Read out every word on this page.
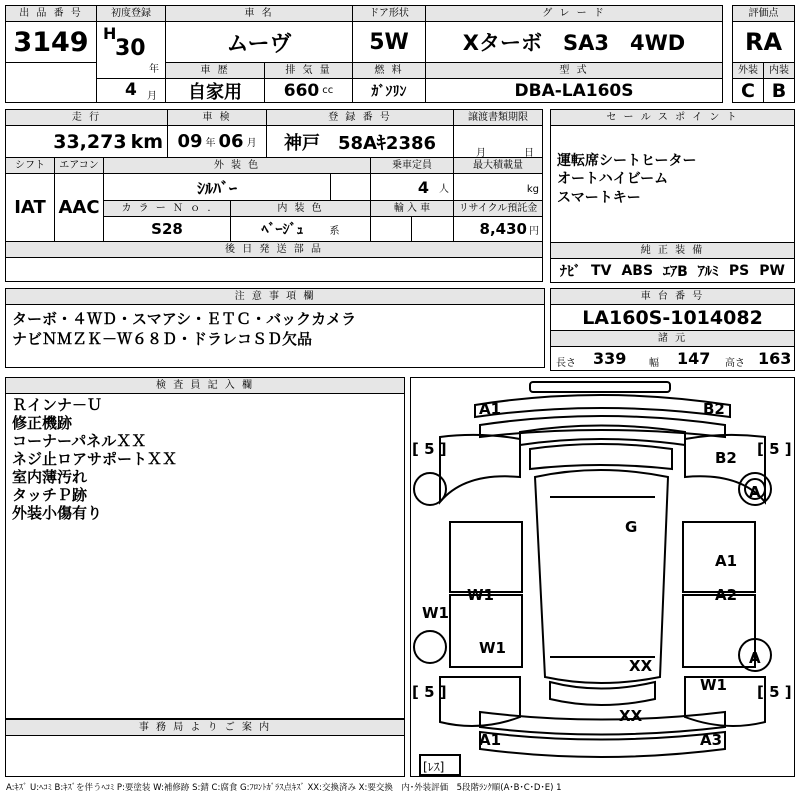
出 品 番 号
3149
初度登録
H
30
年
4 月
車 名
ムーヴ
ドア形状
5W
グ レ ー ド
Xターボ　SA3　4WD
評価点
RA
車 歴
自家用
排 気 量
660 cc
燃 料
ｶﾞｿﾘﾝ
型 式
DBA-LA160S
外装
C
内装
B
走 行
33,273 km
車 検
09 年 06 月
登 録 番 号
神戸　58Aｷ2386
譲渡書類期限
月	日
シフト
IAT
エアコン
AAC
外 装 色
ｼﾙﾊﾞｰ
乗車定員
4 人
最大積載量
kg
カ ラ ー Ｎ ｏ .
S28
内 装 色
ﾍﾞｰｼﾞｭ	系
輸 入 車	リサイクル預託金
8,430 円
後 日 発 送 部 品
セ ー ル ス ポ イ ン ト
運転席シートヒーター
オートハイビーム
スマートキー
純 正 装 備
ﾅﾋﾞ TV ABS ｴｱB ｱﾙﾐ PS PW
注 意 事 項 欄
ターボ・４ＷＤ・スマアシ・ＥＴＣ・バックカメラ
ナビＮＭＺＫ－Ｗ６８Ｄ・ドラレコＳＤ欠品
車 台 番 号
LA160S-1014082
諸 元
長さ 339 幅 147 高さ 163
検 査 員 記 入 欄
Ｒインナ－Ｕ
修正機跡
コーナーパネルＸＸ
ネジ止ロアサポートＸＸ
室内薄汚れ
タッチＰ跡
外装小傷有り
事 務 局 よ り ご 案 内
A1	B2
B2
A
G
A1
W1	A2
W1
W1
A
XX
W1
XX
A1	A3
[ 5 ]	[ 5 ]
[ 5 ]	[ 5 ]
[ﾚｽ]
A:ｷｽﾞ U:ﾍｺﾐ B:ｷｽﾞを伴うﾍｺﾐ P:要塗装 W:補修跡 S:錆 C:腐食 G:ﾌﾛﾝﾄｶﾞﾗｽ点ｷｽﾞ XX:交換済み X:要交換　内･外装評価　5段階ﾗﾝｸ順(A･B･C･D･E) 1
